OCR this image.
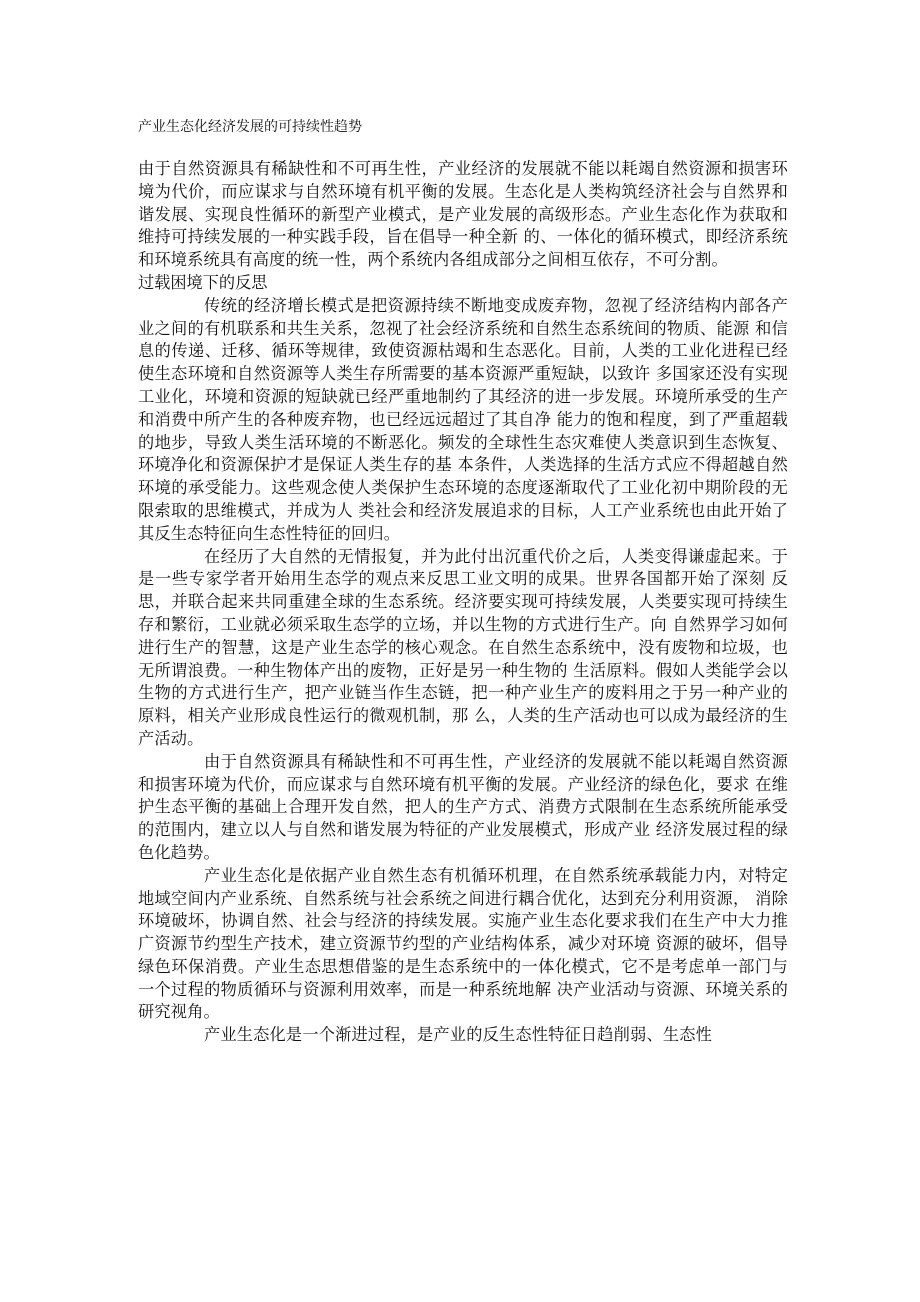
产业生态化经济发展的可持续性趋势

由于自然资源具有稀缺性和不可再生性，产业经济的发展就不能以耗竭自然资源和损害环境为代价，而应谋求与自然环境有机平衡的发展。生态化是人类构筑经济社会与自然界和谐发展、实现良性循环的新型产业模式，是产业发展的高级形态。产业生态化作为获取和维持可持续发展的一种实践手段，旨在倡导一种全新 的、一体化的循环模式，即经济系统和环境系统具有高度的统一性，两个系统内各组成部分之间相互依存，不可分割。

过载困境下的反思

传统的经济增长模式是把资源持续不断地变成废弃物，忽视了经济结构内部各产业之间的有机联系和共生关系，忽视了社会经济系统和自然生态系统间的物质、能源 和信息的传递、迁移、循环等规律，致使资源枯竭和生态恶化。目前，人类的工业化进程已经使生态环境和自然资源等人类生存所需要的基本资源严重短缺，以致许 多国家还没有实现工业化，环境和资源的短缺就已经严重地制约了其经济的进一步发展。环境所承受的生产和消费中所产生的各种废弃物，也已经远远超过了其自净 能力的饱和程度，到了严重超载的地步，导致人类生活环境的不断恶化。频发的全球性生态灾难使人类意识到生态恢复、环境净化和资源保护才是保证人类生存的基 本条件，人类选择的生活方式应不得超越自然环境的承受能力。这些观念使人类保护生态环境的态度逐渐取代了工业化初中期阶段的无限索取的思维模式，并成为人 类社会和经济发展追求的目标，人工产业系统也由此开始了其反生态特征向生态性特征的回归。

在经历了大自然的无情报复，并为此付出沉重代价之后，人类变得谦虚起来。于是一些专家学者开始用生态学的观点来反思工业文明的成果。世界各国都开始了深刻 反思，并联合起来共同重建全球的生态系统。经济要实现可持续发展，人类要实现可持续生存和繁衍，工业就必须采取生态学的立场，并以生物的方式进行生产。向 自然界学习如何进行生产的智慧，这是产业生态学的核心观念。在自然生态系统中，没有废物和垃圾，也无所谓浪费。一种生物体产出的废物，正好是另一种生物的 生活原料。假如人类能学会以生物的方式进行生产，把产业链当作生态链，把一种产业生产的废料用之于另一种产业的原料，相关产业形成良性运行的微观机制，那 么，人类的生产活动也可以成为最经济的生产活动。

由于自然资源具有稀缺性和不可再生性，产业经济的发展就不能以耗竭自然资源和损害环境为代价，而应谋求与自然环境有机平衡的发展。产业经济的绿色化，要求 在维护生态平衡的基础上合理开发自然，把人的生产方式、消费方式限制在生态系统所能承受的范围内，建立以人与自然和谐发展为特征的产业发展模式，形成产业 经济发展过程的绿色化趋势。

产业生态化是依据产业自然生态有机循环机理，在自然系统承载能力内，对特定地域空间内产业系统、自然系统与社会系统之间进行耦合优化，达到充分利用资源， 消除环境破坏，协调自然、社会与经济的持续发展。实施产业生态化要求我们在生产中大力推广资源节约型生产技术，建立资源节约型的产业结构体系，减少对环境 资源的破坏，倡导绿色环保消费。产业生态思想借鉴的是生态系统中的一体化模式，它不是考虑单一部门与一个过程的物质循环与资源利用效率，而是一种系统地解 决产业活动与资源、环境关系的研究视角。

产业生态化是一个渐进过程，是产业的反生态性特征日趋削弱、生态性
